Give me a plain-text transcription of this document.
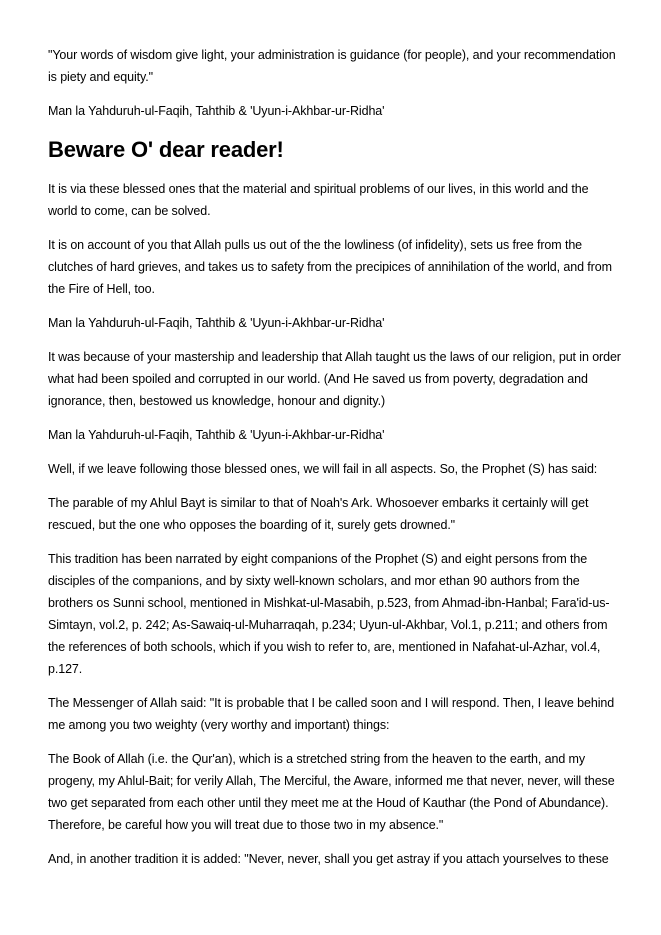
"Your words of wisdom give light, your administration is guidance (for people), and your recommendation is piety and equity."

Man la Yahduruh-ul-Faqih, Tahthib & 'Uyun-i-Akhbar-ur-Ridha'

Beware O' dear reader!

It is via these blessed ones that the material and spiritual problems of our lives, in this world and the world to come, can be solved.

It is on account of you that Allah pulls us out of the the lowliness (of infidelity), sets us free from the clutches of hard grieves, and takes us to safety from the precipices of annihilation of the world, and from the Fire of Hell, too.

Man la Yahduruh-ul-Faqih, Tahthib & 'Uyun-i-Akhbar-ur-Ridha'

It was because of your mastership and leadership that Allah taught us the laws of our religion, put in order what had been spoiled and corrupted in our world. (And He saved us from poverty, degradation and ignorance, then, bestowed us knowledge, honour and dignity.)

Man la Yahduruh-ul-Faqih, Tahthib & 'Uyun-i-Akhbar-ur-Ridha'

Well, if we leave following those blessed ones, we will fail in all aspects. So, the Prophet (S) has said:

The parable of my Ahlul Bayt is similar to that of Noah's Ark. Whosoever embarks it certainly will get rescued, but the one who opposes the boarding of it, surely gets drowned."

This tradition has been narrated by eight companions of the Prophet (S) and eight persons from the disciples of the companions, and by sixty well-known scholars, and mor ethan 90 authors from the brothers os Sunni school, mentioned in Mishkat-ul-Masabih, p.523, from Ahmad-ibn-Hanbal; Fara'id-us-Simtayn, vol.2, p. 242; As-Sawaiq-ul-Muharraqah, p.234; Uyun-ul-Akhbar, Vol.1, p.211; and others from the references of both schools, which if you wish to refer to, are, mentioned in Nafahat-ul-Azhar, vol.4, p.127.

The Messenger of Allah said: "It is probable that I be called soon and I will respond. Then, I leave behind me among you two weighty (very worthy and important) things:

The Book of Allah (i.e. the Qur'an), which is a stretched string from the heaven to the earth, and my progeny, my Ahlul-Bait; for verily Allah, The Merciful, the Aware, informed me that never, never, will these two get separated from each other until they meet me at the Houd of Kauthar (the Pond of Abundance). Therefore, be careful how you will treat due to those two in my absence."

And, in another tradition it is added: "Never, never, shall you get astray if you attach yourselves to these
